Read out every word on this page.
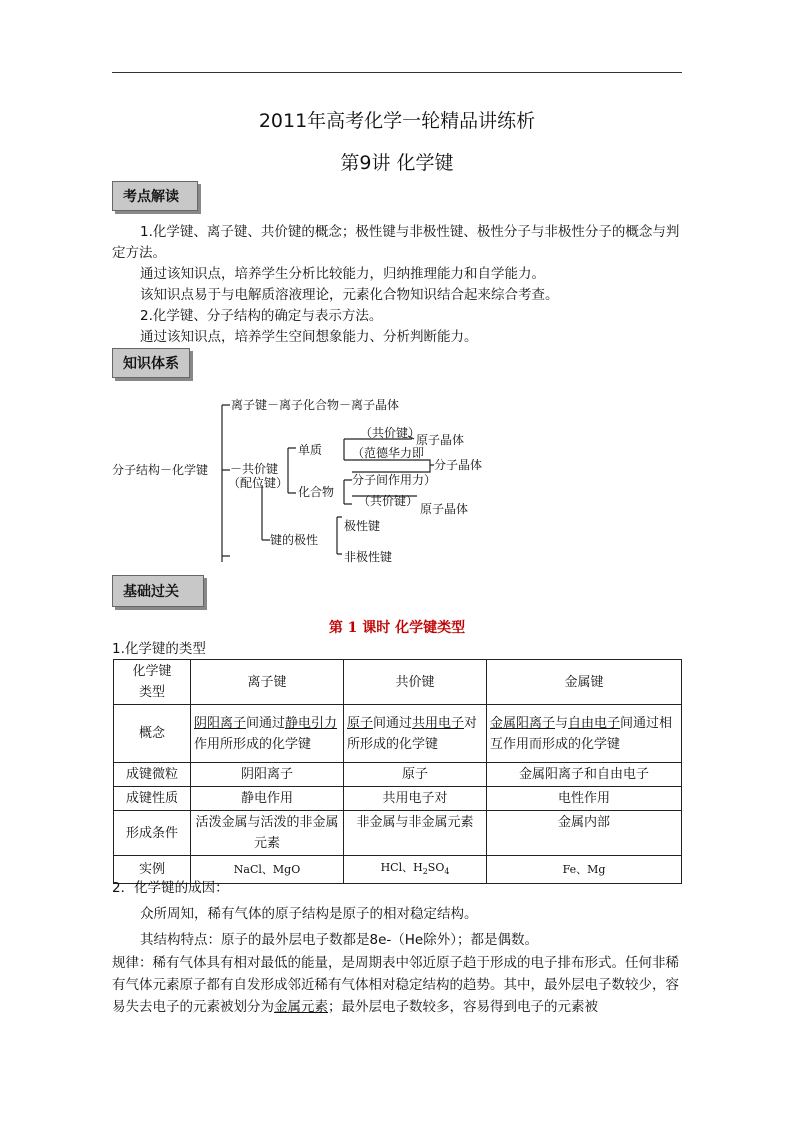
2011年高考化学一轮精品讲练析
第9讲 化学键
考点解读
1.化学键、离子键、共价键的概念；极性键与非极性键、极性分子与非极性分子的概念与判定方法。
通过该知识点，培养学生分析比较能力，归纳推理能力和自学能力。
该知识点易于与电解质溶液理论，元素化合物知识结合起来综合考查。
2.化学键、分子结构的确定与表示方法。
通过该知识点，培养学生空间想象能力、分析判断能力。
知识体系
分子结构－化学键
离子键－离子化合物－离子晶体
－共价键
（配位键）
单质
化合物
（共价键）
（范德华力即
分子间作用力）
（共价键）
原子晶体
分子晶体
原子晶体
键的极性
极性键
非极性键
基础过关
第 1 课时 化学键类型
1.化学键的类型
化学键
类型	离子键	共价键	金属键
概念	阴阳离子间通过静电引力作用所形成的化学键	原子间通过共用电子对所形成的化学键	金属阳离子与自由电子间通过相互作用而形成的化学键
成键微粒	阴阳离子	原子	金属阳离子和自由电子
成键性质	静电作用	共用电子对	电性作用
形成条件	活泼金属与活泼的非金属元素	非金属与非金属元素	金属内部
实例	NaCl、MgO	HCl、$H_2SO_4$	Fe、Mg
2．化学键的成因：
众所周知，稀有气体的原子结构是原子的相对稳定结构。
其结构特点：原子的最外层电子数都是8e-（He除外）；都是偶数。
规律：稀有气体具有相对最低的能量，是周期表中邻近原子趋于形成的电子排布形式。任何非稀有气体元素原子都有自发形成邻近稀有气体相对稳定结构的趋势。其中，最外层电子数较少，容易失去电子的元素被划分为金属元素；最外层电子数较多，容易得到电子的元素被
